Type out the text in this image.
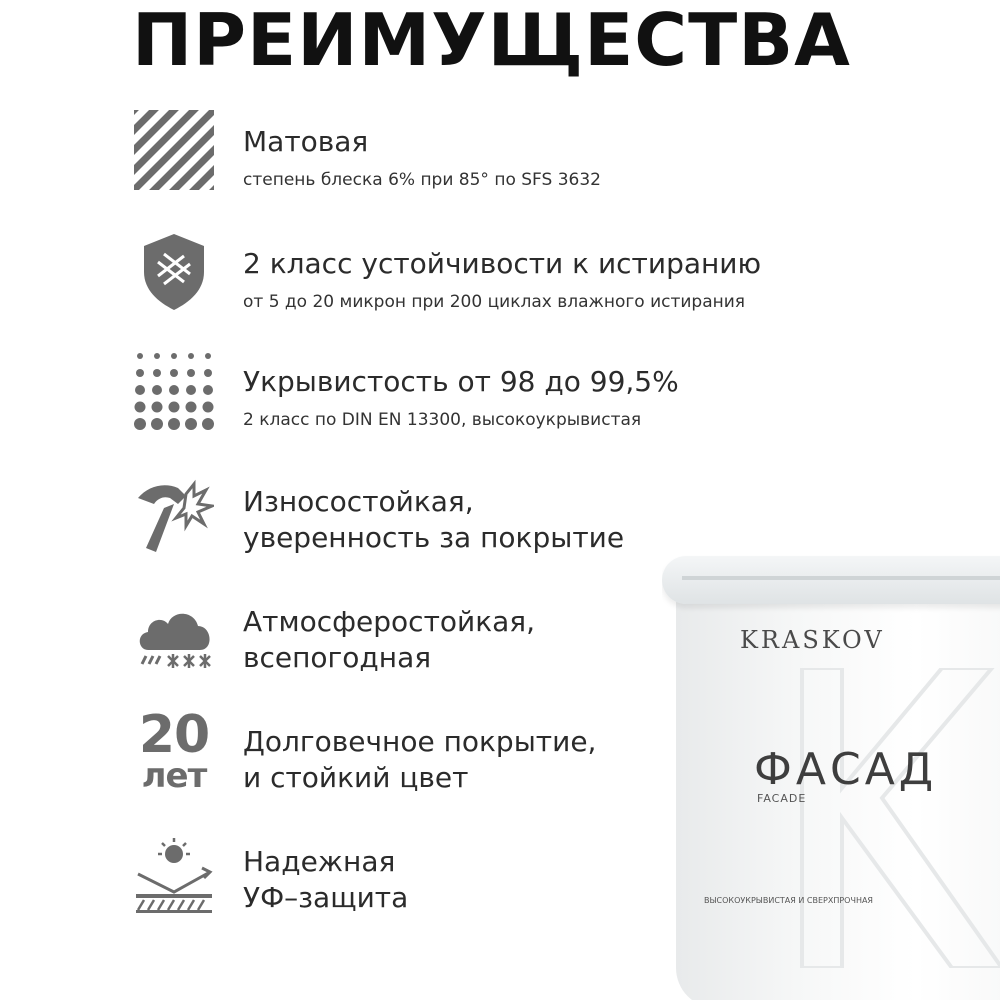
ПРЕИМУЩЕСТВА

Матовая

степень блеска 6% при 85° по SFS 3632

2 класс устойчивости к истиранию

от 5 до 20 микрон при 200 циклах влажного истирания

Укрывистость от 98 до 99,5%

2 класс по DIN EN 13300, высокоукрывистая

Износостойкая,

уверенность за покрытие

Атмосферостойкая,

всепогодная

20
лет

Долговечное покрытие,

и стойкий цвет

Надежная

УФ–защита

KRASKOV
ФАСАД
FACADE
ВЫСОКОУКРЫВИСТАЯ И СВЕРХПРОЧНАЯ
